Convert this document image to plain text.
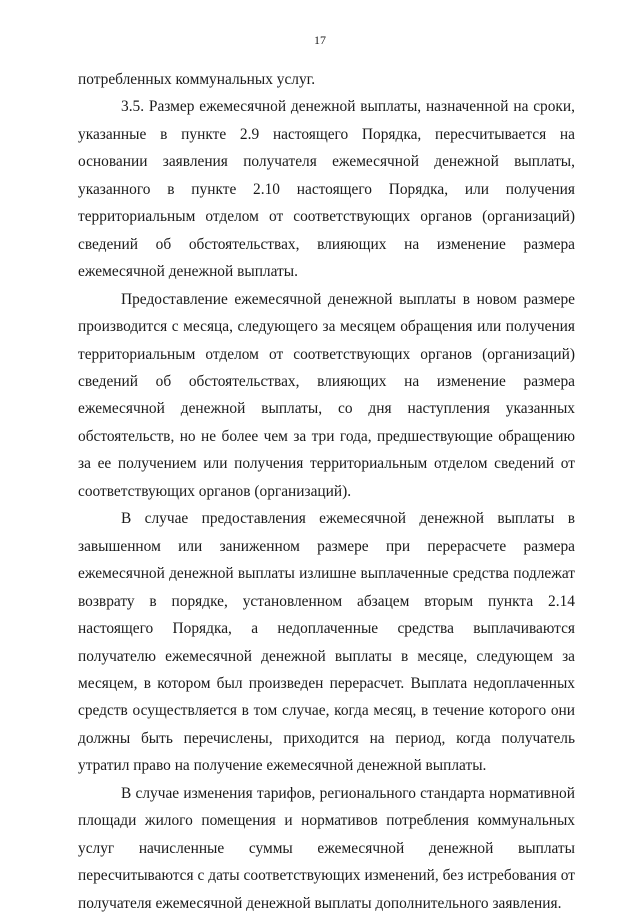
17

потребленных коммунальных услуг.

3.5. Размер ежемесячной денежной выплаты, назначенной на сроки, указанные в пункте 2.9 настоящего Порядка, пересчитывается на основании заявления получателя ежемесячной денежной выплаты, указанного в пункте 2.10 настоящего Порядка, или получения территориальным отделом от соответствующих органов (организаций) сведений об обстоятельствах, влияющих на изменение размера ежемесячной денежной выплаты.

Предоставление ежемесячной денежной выплаты в новом размере производится с месяца, следующего за месяцем обращения или получения территориальным отделом от соответствующих органов (организаций) сведений об обстоятельствах, влияющих на изменение размера ежемесячной денежной выплаты, со дня наступления указанных обстоятельств, но не более чем за три года, предшествующие обращению за ее получением или получения территориальным отделом сведений от соответствующих органов (организаций).

В случае предоставления ежемесячной денежной выплаты в завышенном или заниженном размере при перерасчете размера ежемесячной денежной выплаты излишне выплаченные средства подлежат возврату в порядке, установленном абзацем вторым пункта 2.14 настоящего Порядка, а недоплаченные средства выплачиваются получателю ежемесячной денежной выплаты в месяце, следующем за месяцем, в котором был произведен перерасчет. Выплата недоплаченных средств осуществляется в том случае, когда месяц, в течение которого они должны быть перечислены, приходится на период, когда получатель утратил право на получение ежемесячной денежной выплаты.

В случае изменения тарифов, регионального стандарта нормативной площади жилого помещения и нормативов потребления коммунальных услуг начисленные суммы ежемесячной денежной выплаты пересчитываются с даты соответствующих изменений, без истребования от получателя ежемесячной денежной выплаты дополнительного заявления.
